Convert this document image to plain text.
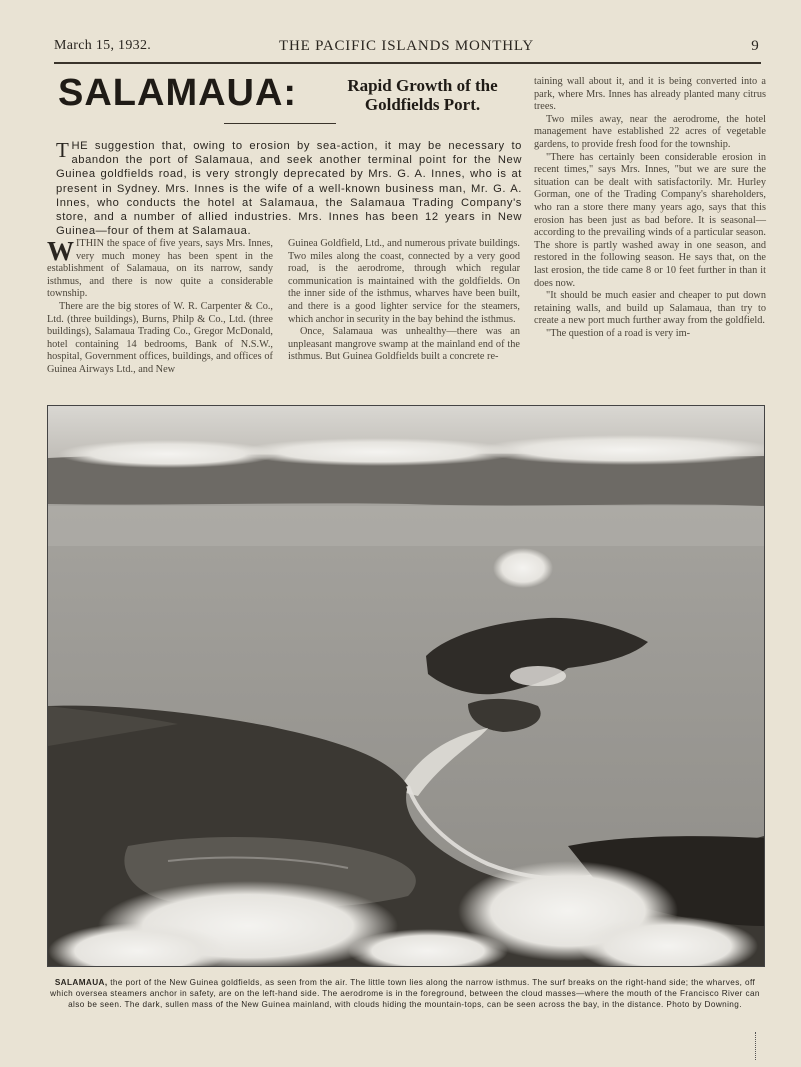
March 15, 1932.	THE PACIFIC ISLANDS MONTHLY	9
SALAMAUA:	Rapid Growth of the Goldfields Port.
THE suggestion that, owing to erosion by sea-action, it may be necessary to abandon the port of Salamaua, and seek another terminal point for the New Guinea goldfields road, is very strongly deprecated by Mrs. G. A. Innes, who is at present in Sydney. Mrs. Innes is the wife of a well-known business man, Mr. G. A. Innes, who conducts the hotel at Salamaua, the Salamaua Trading Company's store, and a number of allied industries. Mrs. Innes has been 12 years in New Guinea—four of them at Salamaua.

WITHIN the space of five years, says Mrs. Innes, very much money has been spent in the establishment of Salamaua, on its narrow, sandy isthmus, and there is now quite a considerable township.

There are the big stores of W. R. Carpenter & Co., Ltd. (three buildings), Burns, Philp & Co., Ltd. (three buildings), Salamaua Trading Co., Gregor McDonald, hotel containing 14 bedrooms, Bank of N.S.W., hospital, Government offices, buildings, and offices of Guinea Airways Ltd., and New

Guinea Goldfield, Ltd., and numerous private buildings. Two miles along the coast, connected by a very good road, is the aerodrome, through which regular communication is maintained with the goldfields. On the inner side of the isthmus, wharves have been built, and there is a good lighter service for the steamers, which anchor in security in the bay behind the isthmus.

Once, Salamaua was unhealthy—there was an unpleasant mangrove swamp at the mainland end of the isthmus. But Guinea Goldfields built a concrete re-

taining wall about it, and it is being converted into a park, where Mrs. Innes has already planted many citrus trees.

Two miles away, near the aerodrome, the hotel management have established 22 acres of vegetable gardens, to provide fresh food for the township.

"There has certainly been considerable erosion in recent times," says Mrs. Innes, "but we are sure the situation can be dealt with satisfactorily. Mr. Hurley Gorman, one of the Trading Company's shareholders, who ran a store there many years ago, says that this erosion has been just as bad before. It is seasonal—according to the prevailing winds of a particular season. The shore is partly washed away in one season, and restored in the following season. He says that, on the last erosion, the tide came 8 or 10 feet further in than it does now.

"It should be much easier and cheaper to put down retaining walls, and build up Salamaua, than try to create a new port much further away from the goldfield.

"The question of a road is very im-

SALAMAUA, the port of the New Guinea goldfields, as seen from the air. The little town lies along the narrow isthmus. The surf breaks on the right-hand side; the wharves, off which oversea steamers anchor in safety, are on the left-hand side. The aerodrome is in the foreground, between the cloud masses—where the mouth of the Francisco River can also be seen. The dark, sullen mass of the New Guinea mainland, with clouds hiding the mountain-tops, can be seen across the bay, in the distance. Photo by Downing.
